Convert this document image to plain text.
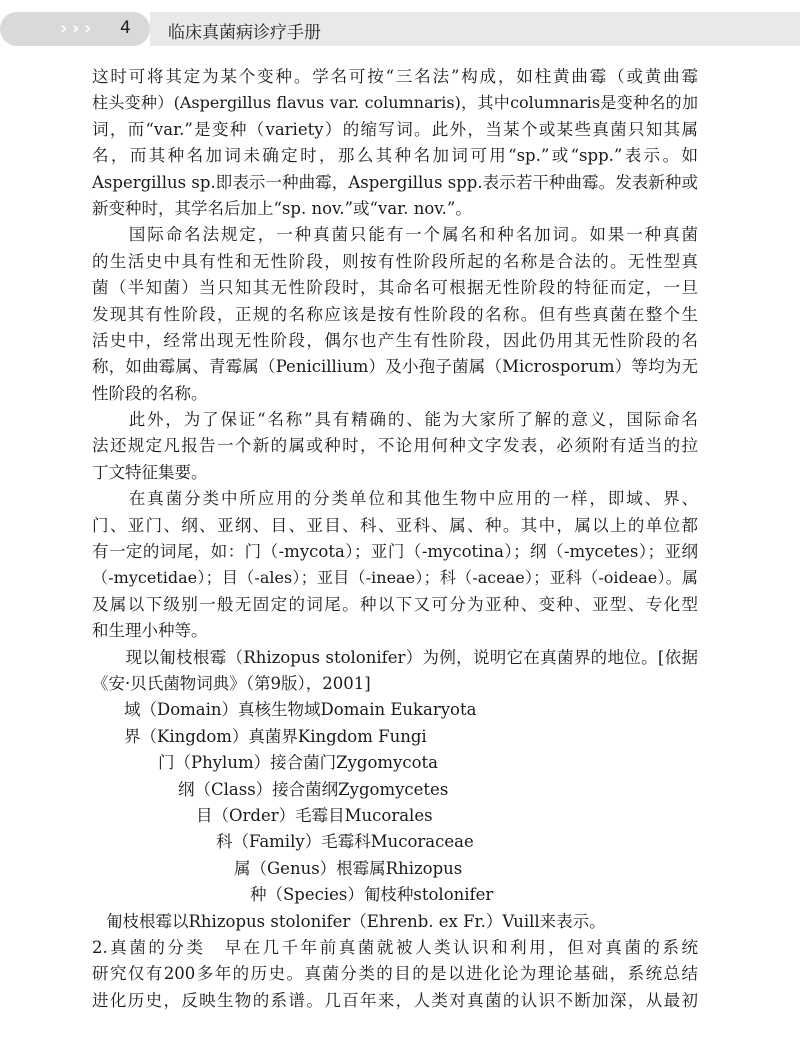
› › › 4 临床真菌病诊疗手册
这时可将其定为某个变种。学名可按“三名法”构成，如柱黄曲霉（或黄曲霉
柱头变种）(Aspergillus flavus var. columnaris)，其中columnaris是变种名的加
词，而“var.”是变种（variety）的缩写词。此外，当某个或某些真菌只知其属
名，而其种名加词未确定时，那么其种名加词可用“sp.”或“spp.”表示。如
Aspergillus sp.即表示一种曲霉，Aspergillus spp.表示若干种曲霉。发表新种或
新变种时，其学名后加上“sp. nov.”或“var. nov.”。
　　国际命名法规定，一种真菌只能有一个属名和种名加词。如果一种真菌
的生活史中具有性和无性阶段，则按有性阶段所起的名称是合法的。无性型真
菌（半知菌）当只知其无性阶段时，其命名可根据无性阶段的特征而定，一旦
发现其有性阶段，正规的名称应该是按有性阶段的名称。但有些真菌在整个生
活史中，经常出现无性阶段，偶尔也产生有性阶段，因此仍用其无性阶段的名
称，如曲霉属、青霉属（Penicillium）及小孢子菌属（Microsporum）等均为无
性阶段的名称。
　　此外，为了保证“名称”具有精确的、能为大家所了解的意义，国际命名
法还规定凡报告一个新的属或种时，不论用何种文字发表，必须附有适当的拉
丁文特征集要。
　　在真菌分类中所应用的分类单位和其他生物中应用的一样，即域、界、
门、亚门、纲、亚纲、目、亚目、科、亚科、属、种。其中，属以上的单位都
有一定的词尾，如：门（-mycota）；亚门（-mycotina）；纲（-mycetes）；亚纲
（-mycetidae）；目（-ales）；亚目（-ineae）；科（-aceae）；亚科（-oideae）。属
及属以下级别一般无固定的词尾。种以下又可分为亚种、变种、亚型、专化型
和生理小种等。
　　现以匍枝根霉（Rhizopus stolonifer）为例，说明它在真菌界的地位。[依据
《安·贝氏菌物词典》（第9版），2001]
域（Domain）真核生物域Domain Eukaryota
界（Kingdom）真菌界Kingdom Fungi
门（Phylum）接合菌门Zygomycota
纲（Class）接合菌纲Zygomycetes
目（Order）毛霉目Mucorales
科（Family）毛霉科Mucoraceae
属（Genus）根霉属Rhizopus
种（Species）匍枝种stolonifer
匍枝根霉以Rhizopus stolonifer（Ehrenb. ex Fr.）Vuill来表示。
2.真菌的分类　早在几千年前真菌就被人类认识和利用，但对真菌的系统
研究仅有200多年的历史。真菌分类的目的是以进化论为理论基础，系统总结
进化历史，反映生物的系谱。几百年来，人类对真菌的认识不断加深，从最初
